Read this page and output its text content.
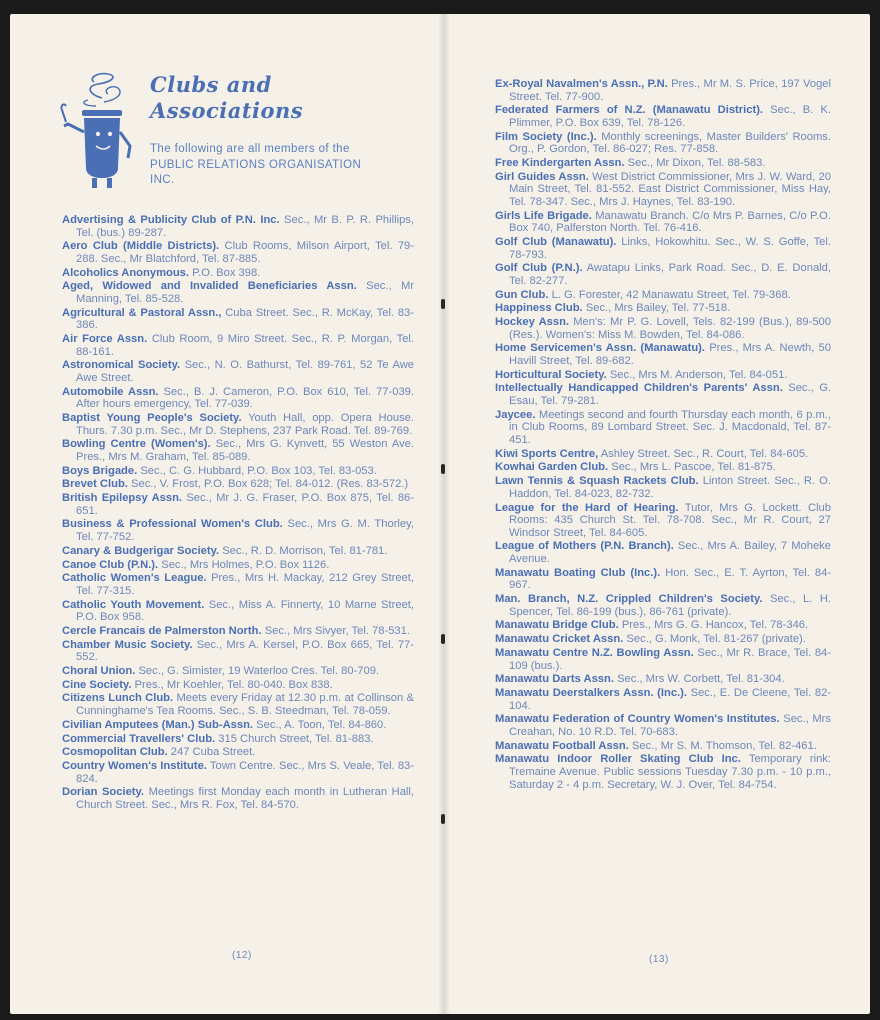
Clubs and
Associations
The following are all members of the
PUBLIC RELATIONS ORGANISATION
INC.

Advertising & Publicity Club of P.N. Inc. Sec., Mr B. P. R. Phillips, Tel. (bus.) 89-287.

Aero Club (Middle Districts). Club Rooms, Milson Airport, Tel. 79-288. Sec., Mr Blatchford, Tel. 87-885.

Alcoholics Anonymous. P.O. Box 398.

Aged, Widowed and Invalided Beneficiaries Assn. Sec., Mr Manning, Tel. 85-528.

Agricultural & Pastoral Assn., Cuba Street. Sec., R. McKay, Tel. 83-386.

Air Force Assn. Club Room, 9 Miro Street. Sec., R. P. Morgan, Tel. 88-161.

Astronomical Society. Sec., N. O. Bathurst, Tel. 89-761, 52 Te Awe Awe Street.

Automobile Assn. Sec., B. J. Cameron, P.O. Box 610, Tel. 77-039. After hours emergency, Tel. 77-039.

Baptist Young People's Society. Youth Hall, opp. Opera House. Thurs. 7.30 p.m. Sec., Mr D. Stephens, 237 Park Road. Tel. 89-769.

Bowling Centre (Women's). Sec., Mrs G. Kynvett, 55 Weston Ave. Pres., Mrs M. Graham, Tel. 85-089.

Boys Brigade. Sec., C. G. Hubbard, P.O. Box 103, Tel. 83-053.

Brevet Club. Sec., V. Frost, P.O. Box 628; Tel. 84-012. (Res. 83-572.)

British Epilepsy Assn. Sec., Mr J. G. Fraser, P.O. Box 875, Tel. 86-651.

Business & Professional Women's Club. Sec., Mrs G. M. Thorley, Tel. 77-752.

Canary & Budgerigar Society. Sec., R. D. Morrison, Tel. 81-781.

Canoe Club (P.N.). Sec., Mrs Holmes, P.O. Box 1126.

Catholic Women's League. Pres., Mrs H. Mackay, 212 Grey Street, Tel. 77-315.

Catholic Youth Movement. Sec., Miss A. Finnerty, 10 Marne Street, P.O. Box 958.

Cercle Francais de Palmerston North. Sec., Mrs Sivyer, Tel. 78-531.

Chamber Music Society. Sec., Mrs A. Kersel, P.O. Box 665, Tel. 77-552.

Choral Union. Sec., G. Simister, 19 Waterloo Cres. Tel. 80-709.

Cine Society. Pres., Mr Koehler, Tel. 80-040. Box 838.

Citizens Lunch Club. Meets every Friday at 12.30 p.m. at Collinson & Cunninghame's Tea Rooms. Sec., S. B. Steedman, Tel. 78-059.

Civilian Amputees (Man.) Sub-Assn. Sec., A. Toon, Tel. 84-860.

Commercial Travellers' Club. 315 Church Street, Tel. 81-883.

Cosmopolitan Club. 247 Cuba Street.

Country Women's Institute. Town Centre. Sec., Mrs S. Veale, Tel. 83-824.

Dorian Society. Meetings first Monday each month in Lutheran Hall, Church Street. Sec., Mrs R. Fox, Tel. 84-570.

(12)

Ex-Royal Navalmen's Assn., P.N. Pres., Mr M. S. Price, 197 Vogel Street. Tel. 77-900.

Federated Farmers of N.Z. (Manawatu District). Sec., B. K. Plimmer, P.O. Box 639, Tel. 78-126.

Film Society (Inc.). Monthly screenings, Master Builders' Rooms. Org., P. Gordon, Tel. 86-027; Res. 77-858.

Free Kindergarten Assn. Sec., Mr Dixon, Tel. 88-583.

Girl Guides Assn. West District Commissioner, Mrs J. W. Ward, 20 Main Street, Tel. 81-552. East District Commissioner, Miss Hay, Tel. 78-347. Sec., Mrs J. Haynes, Tel. 83-190.

Girls Life Brigade. Manawatu Branch. C/o Mrs P. Barnes, C/o P.O. Box 740, Palferston North. Tel. 76-416.

Golf Club (Manawatu). Links, Hokowhitu. Sec., W. S. Goffe, Tel. 78-793.

Golf Club (P.N.). Awatapu Links, Park Road. Sec., D. E. Donald, Tel. 82-277.

Gun Club. L. G. Forester, 42 Manawatu Street, Tel. 79-368.

Happiness Club. Sec., Mrs Bailey, Tel. 77-518.

Hockey Assn. Men's: Mr P. G. Lovell, Tels. 82-199 (Bus.), 89-500 (Res.). Women's: Miss M. Bowden, Tel. 84-086.

Home Servicemen's Assn. (Manawatu). Pres., Mrs A. Newth, 50 Havill Street, Tel. 89-682.

Horticultural Society. Sec., Mrs M. Anderson, Tel. 84-051.

Intellectually Handicapped Children's Parents' Assn. Sec., G. Esau, Tel. 79-281.

Jaycee. Meetings second and fourth Thursday each month, 6 p.m., in Club Rooms, 89 Lombard Street. Sec. J. Macdonald, Tel. 87-451.

Kiwi Sports Centre, Ashley Street. Sec., R. Court, Tel. 84-605.

Kowhai Garden Club. Sec., Mrs L. Pascoe, Tel. 81-875.

Lawn Tennis & Squash Rackets Club. Linton Street. Sec., R. O. Haddon, Tel. 84-023, 82-732.

League for the Hard of Hearing. Tutor, Mrs G. Lockett. Club Rooms: 435 Church St. Tel. 78-708. Sec., Mr R. Court, 27 Windsor Street, Tel. 84-605.

League of Mothers (P.N. Branch). Sec., Mrs A. Bailey, 7 Moheke Avenue.

Manawatu Boating Club (Inc.). Hon. Sec., E. T. Ayrton, Tel. 84-967.

Man. Branch, N.Z. Crippled Children's Society. Sec., L. H. Spencer, Tel. 86-199 (bus.), 86-761 (private).

Manawatu Bridge Club. Pres., Mrs G. G. Hancox, Tel. 78-346.

Manawatu Cricket Assn. Sec., G. Monk, Tel. 81-267 (private).

Manawatu Centre N.Z. Bowling Assn. Sec., Mr R. Brace, Tel. 84-109 (bus.).

Manawatu Darts Assn. Sec., Mrs W. Corbett, Tel. 81-304.

Manawatu Deerstalkers Assn. (Inc.). Sec., E. De Cleene, Tel. 82-104.

Manawatu Federation of Country Women's Institutes. Sec., Mrs Creahan, No. 10 R.D. Tel. 70-683.

Manawatu Football Assn. Sec., Mr S. M. Thomson, Tel. 82-461.

Manawatu Indoor Roller Skating Club Inc. Temporary rink: Tremaine Avenue. Public sessions Tuesday 7.30 p.m. - 10 p.m., Saturday 2 - 4 p.m. Secretary, W. J. Over, Tel. 84-754.

(13)
